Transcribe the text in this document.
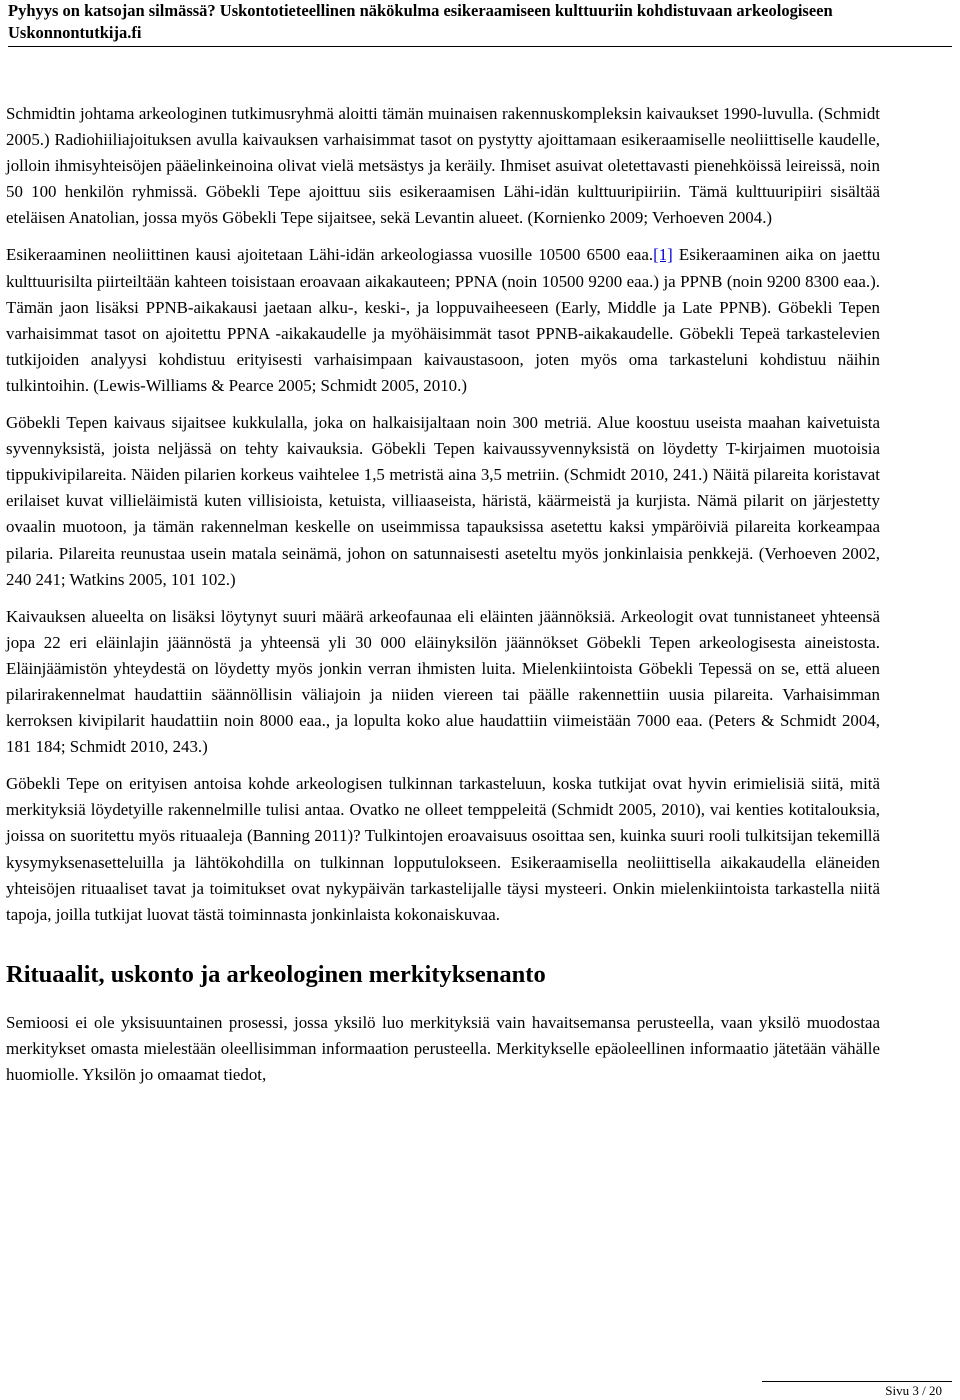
Pyhyys on katsojan silmässä? Uskontotieteellinen näkökulma esikeraamiseen kulttuuriin kohdistuvaan arkeologiseen
Uskonnontutkija.fi

Schmidtin johtama arkeologinen tutkimusryhmä aloitti tämän muinaisen rakennuskompleksin kaivaukset 1990-luvulla. (Schmidt 2005.) Radiohiiliajoituksen avulla kaivauksen varhaisimmat tasot on pystytty ajoittamaan esikeraamiselle neoliittiselle kaudelle, jolloin ihmisyhteisöjen pääelinkeinoina olivat vielä metsästys ja keräily. Ihmiset asuivat oletettavasti pienehköissä leireissä, noin 50 100 henkilön ryhmissä. Göbekli Tepe ajoittuu siis esikeraamisen Lähi-idän kulttuuripiiriin. Tämä kulttuuripiiri sisältää eteläisen Anatolian, jossa myös Göbekli Tepe sijaitsee, sekä Levantin alueet. (Kornienko 2009; Verhoeven 2004.)

Esikeraaminen neoliittinen kausi ajoitetaan Lähi-idän arkeologiassa vuosille 10500 6500 eaa.[1] Esikeraaminen aika on jaettu kulttuurisilta piirteiltään kahteen toisistaan eroavaan aikakauteen; PPNA (noin 10500 9200 eaa.) ja PPNB (noin 9200 8300 eaa.). Tämän jaon lisäksi PPNB-aikakausi jaetaan alku-, keski-, ja loppuvaiheeseen (Early, Middle ja Late PPNB). Göbekli Tepen varhaisimmat tasot on ajoitettu PPNA -aikakaudelle ja myöhäisimmät tasot PPNB-aikakaudelle. Göbekli Tepeä tarkastelevien tutkijoiden analyysi kohdistuu erityisesti varhaisimpaan kaivaustasoon, joten myös oma tarkasteluni kohdistuu näihin tulkintoihin. (Lewis-Williams & Pearce 2005; Schmidt 2005, 2010.)

Göbekli Tepen kaivaus sijaitsee kukkulalla, joka on halkaisijaltaan noin 300 metriä. Alue koostuu useista maahan kaivetuista syvennyksistä, joista neljässä on tehty kaivauksia. Göbekli Tepen kaivaussyvennyksistä on löydetty T-kirjaimen muotoisia tippukivipilareita. Näiden pilarien korkeus vaihtelee 1,5 metristä aina 3,5 metriin. (Schmidt 2010, 241.) Näitä pilareita koristavat erilaiset kuvat villieläimistä kuten villisioista, ketuista, villiaaseista, häristä, käärmeistä ja kurjista. Nämä pilarit on järjestetty ovaalin muotoon, ja tämän rakennelman keskelle on useimmissa tapauksissa asetettu kaksi ympäröiviä pilareita korkeampaa pilaria. Pilareita reunustaa usein matala seinämä, johon on satunnaisesti aseteltu myös jonkinlaisia penkkejä. (Verhoeven 2002, 240 241; Watkins 2005, 101 102.)

Kaivauksen alueelta on lisäksi löytynyt suuri määrä arkeofaunaa eli eläinten jäännöksiä. Arkeologit ovat tunnistaneet yhteensä jopa 22 eri eläinlajin jäännöstä ja yhteensä yli 30 000 eläinyksilön jäännökset Göbekli Tepen arkeologisesta aineistosta. Eläinjäämistön yhteydestä on löydetty myös jonkin verran ihmisten luita. Mielenkiintoista Göbekli Tepessä on se, että alueen pilarirakennelmat haudattiin säännöllisin väliajoin ja niiden viereen tai päälle rakennettiin uusia pilareita. Varhaisimman kerroksen kivipilarit haudattiin noin 8000 eaa., ja lopulta koko alue haudattiin viimeistään 7000 eaa. (Peters & Schmidt 2004, 181 184; Schmidt 2010, 243.)

Göbekli Tepe on erityisen antoisa kohde arkeologisen tulkinnan tarkasteluun, koska tutkijat ovat hyvin erimielisiä siitä, mitä merkityksiä löydetyille rakennelmille tulisi antaa. Ovatko ne olleet temppeleitä (Schmidt 2005, 2010), vai kenties kotitalouksia, joissa on suoritettu myös rituaaleja (Banning 2011)? Tulkintojen eroavaisuus osoittaa sen, kuinka suuri rooli tulkitsijan tekemillä kysymyksenasetteluilla ja lähtökohdilla on tulkinnan lopputulokseen. Esikeraamisella neoliittisella aikakaudella eläneiden yhteisöjen rituaaliset tavat ja toimitukset ovat nykypäivän tarkastelijalle täysi mysteeri. Onkin mielenkiintoista tarkastella niitä tapoja, joilla tutkijat luovat tästä toiminnasta jonkinlaista kokonaiskuvaa.

Rituaalit, uskonto ja arkeologinen merkityksenanto

Semioosi ei ole yksisuuntainen prosessi, jossa yksilö luo merkityksiä vain havaitsemansa perusteella, vaan yksilö muodostaa merkitykset omasta mielestään oleellisimman informaation perusteella. Merkitykselle epäoleellinen informaatio jätetään vähälle huomiolle. Yksilön jo omaamat tiedot,

Sivu 3 / 20
